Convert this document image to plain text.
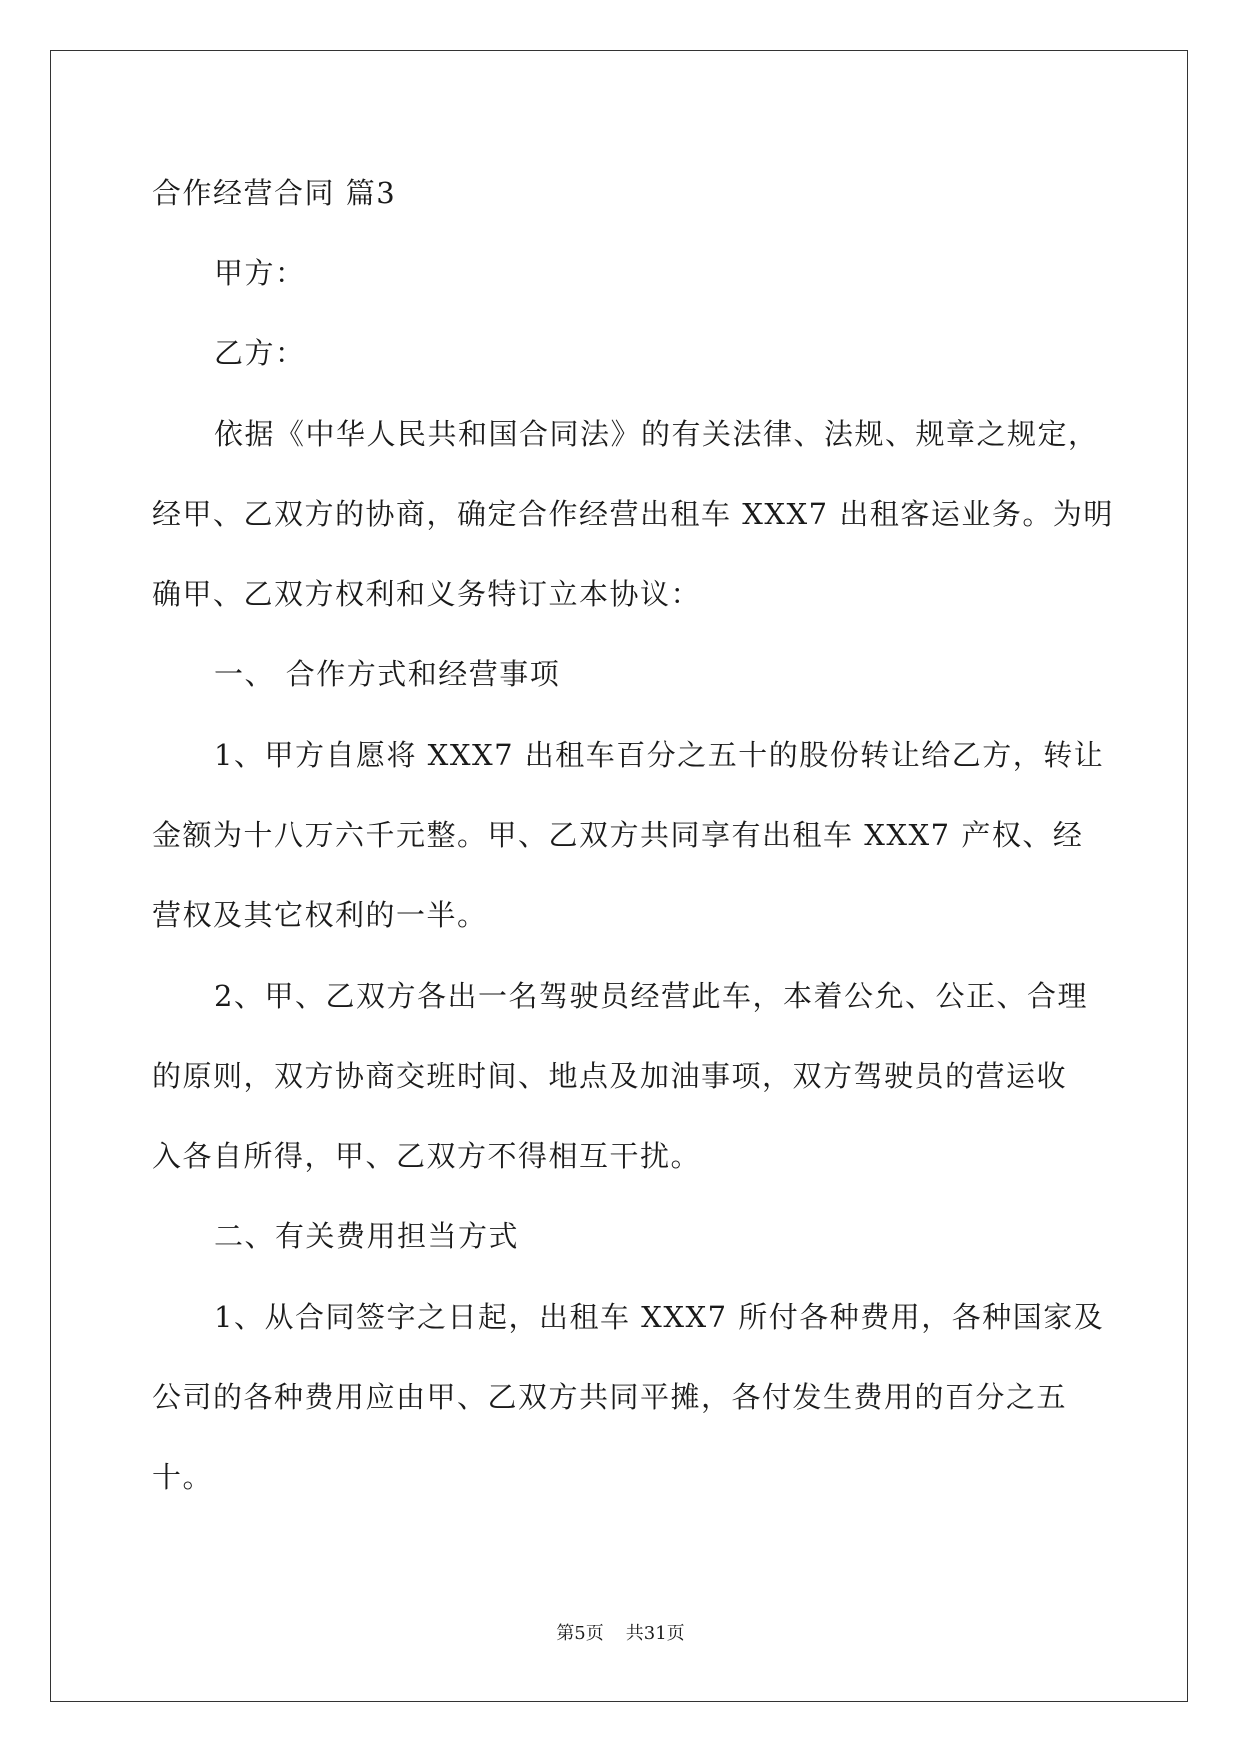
合作经营合同 篇3
甲方：
乙方：
依据《中华人民共和国合同法》的有关法律、法规、规章之规定，
经甲、乙双方的协商，确定合作经营出租车 XXX7 出租客运业务。为明
确甲、乙双方权利和义务特订立本协议：
一、 合作方式和经营事项
1、甲方自愿将 XXX7 出租车百分之五十的股份转让给乙方，转让
金额为十八万六千元整。甲、乙双方共同享有出租车 XXX7 产权、经
营权及其它权利的一半。
2、甲、乙双方各出一名驾驶员经营此车，本着公允、公正、合理
的原则，双方协商交班时间、地点及加油事项，双方驾驶员的营运收
入各自所得，甲、乙双方不得相互干扰。
二、有关费用担当方式
1、从合同签字之日起，出租车 XXX7 所付各种费用，各种国家及
公司的各种费用应由甲、乙双方共同平摊，各付发生费用的百分之五
十。
第5页 共31页
